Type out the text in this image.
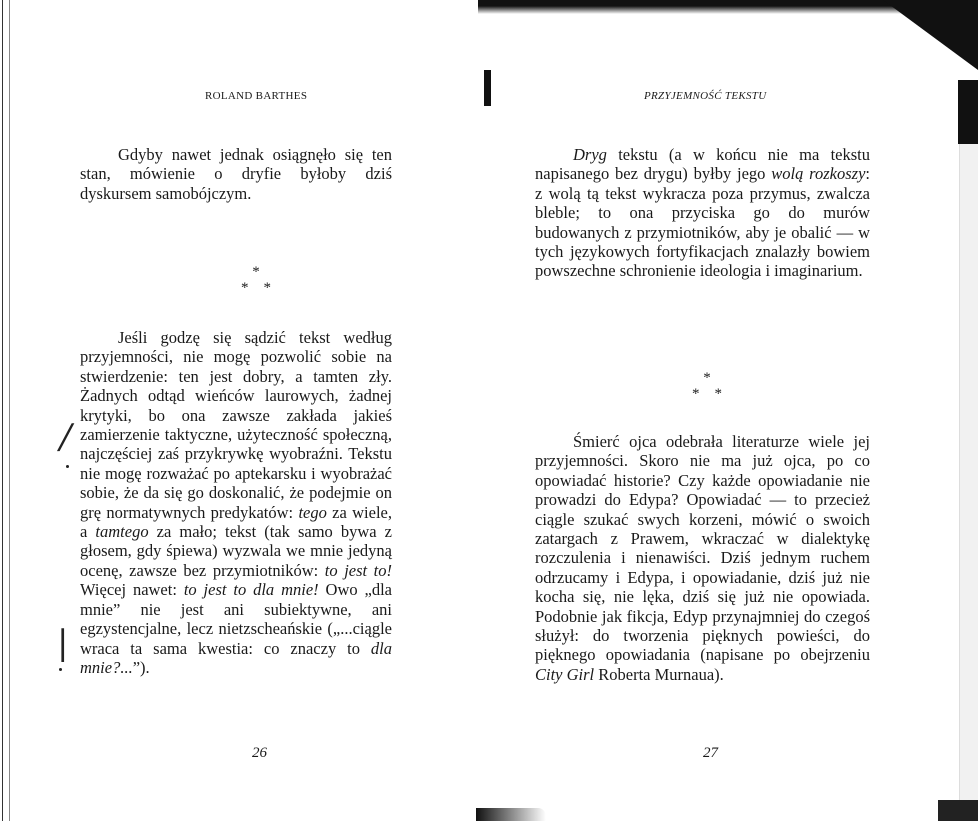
ROLAND BARTHES

Gdyby nawet jednak osiągnęło się ten stan, mówienie o dryfie byłoby dziś dyskursem samobójczym.

*
*    *

Jeśli godzę się sądzić tekst według przyjemności, nie mogę pozwolić sobie na stwierdzenie: ten jest dobry, a tamten zły. Żadnych odtąd wieńców laurowych, żadnej krytyki, bo ona zawsze zakłada jakieś zamierzenie taktyczne, użyteczność społeczną, najczęściej zaś przykrywkę wyobraźni. Tekstu nie mogę rozważać po aptekarsku i wyobrażać sobie, że da się go doskonalić, że podejmie on grę normatywnych predykatów: tego za wiele, a tamtego za mało; tekst (tak samo bywa z głosem, gdy śpiewa) wyzwala we mnie jedyną ocenę, zawsze bez przymiotników: to jest to! Więcej nawet: to jest to dla mnie! Owo „dla mnie” nie jest ani subiektywne, ani egzystencjalne, lecz nietzscheańskie („...ciągle wraca ta sama kwestia: co znaczy to dla mnie?...”).

26
/
|
PRZYJEMNOŚĆ TEKSTU

Dryg tekstu (a w końcu nie ma tekstu napisanego bez drygu) byłby jego wolą rozkoszy: z wolą tą tekst wykracza poza przymus, zwalcza bleble; to ona przyciska go do murów budowanych z przymiotników, aby je obalić — w tych językowych fortyfikacjach znalazły bowiem powszechne schronienie ideologia i imaginarium.

*
*    *

Śmierć ojca odebrała literaturze wiele jej przyjemności. Skoro nie ma już ojca, po co opowiadać historie? Czy każde opowiadanie nie prowadzi do Edypa? Opowiadać — to przecież ciągle szukać swych korzeni, mówić o swoich zatargach z Prawem, wkraczać w dialektykę rozczulenia i nienawiści. Dziś jednym ruchem odrzucamy i Edypa, i opowiadanie, dziś już nie kocha się, nie lęka, dziś się już nie opowiada. Podobnie jak fikcja, Edyp przynajmniej do czegoś służył: do tworzenia pięknych powieści, do pięknego opowiadania (napisane po obejrzeniu City Girl Roberta Murnaua).

27
